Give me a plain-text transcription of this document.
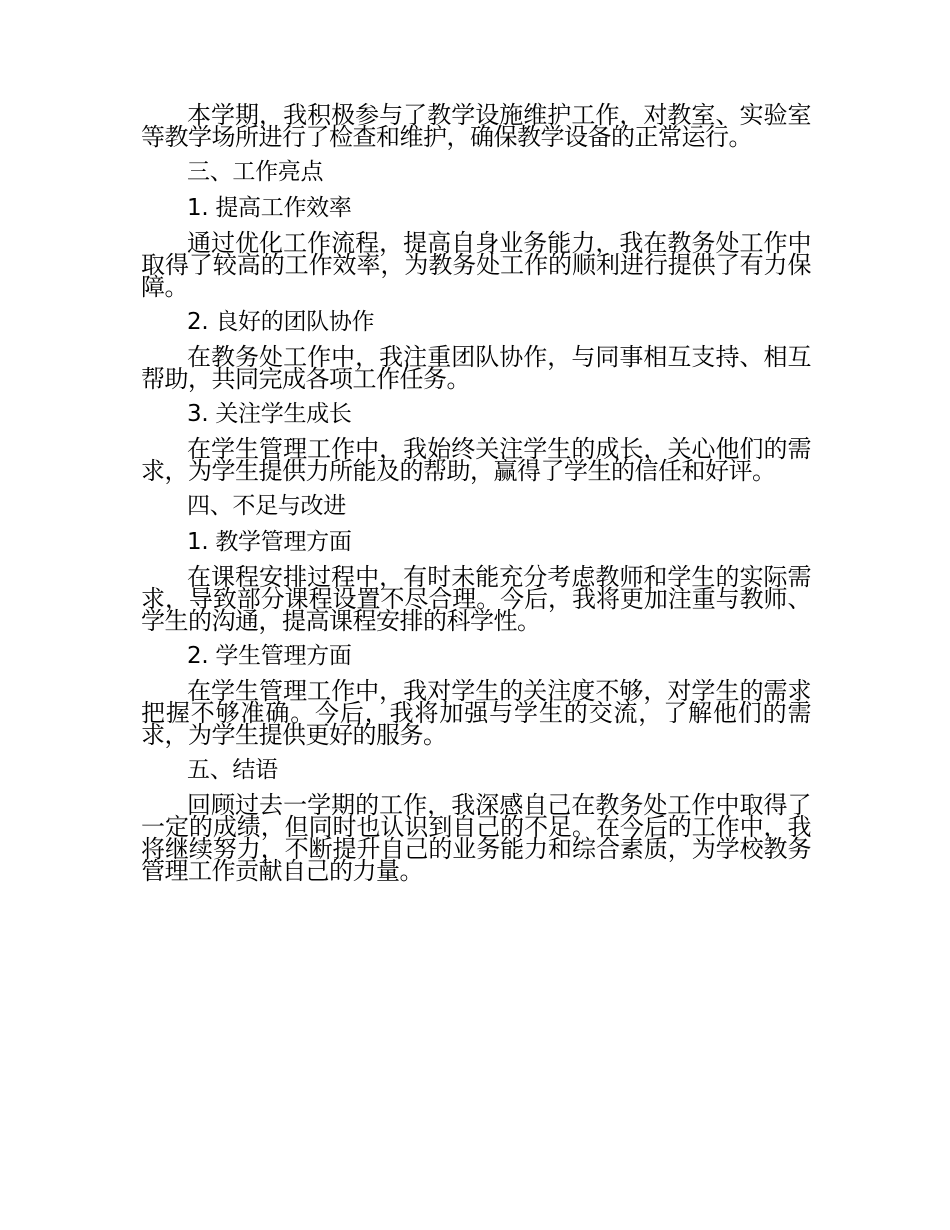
本学期，我积极参与了教学设施维护工作，对教室、实验室等教学场所进行了检查和维护，确保教学设备的正常运行。

三、工作亮点

1. 提高工作效率

通过优化工作流程，提高自身业务能力，我在教务处工作中取得了较高的工作效率，为教务处工作的顺利进行提供了有力保障。

2. 良好的团队协作

在教务处工作中，我注重团队协作，与同事相互支持、相互帮助，共同完成各项工作任务。

3. 关注学生成长

在学生管理工作中，我始终关注学生的成长，关心他们的需求，为学生提供力所能及的帮助，赢得了学生的信任和好评。

四、不足与改进

1. 教学管理方面

在课程安排过程中，有时未能充分考虑教师和学生的实际需求，导致部分课程设置不尽合理。今后，我将更加注重与教师、学生的沟通，提高课程安排的科学性。

2. 学生管理方面

在学生管理工作中，我对学生的关注度不够，对学生的需求把握不够准确。今后，我将加强与学生的交流，了解他们的需求，为学生提供更好的服务。

五、结语

回顾过去一学期的工作，我深感自己在教务处工作中取得了一定的成绩，但同时也认识到自己的不足。在今后的工作中，我将继续努力，不断提升自己的业务能力和综合素质，为学校教务管理工作贡献自己的力量。
